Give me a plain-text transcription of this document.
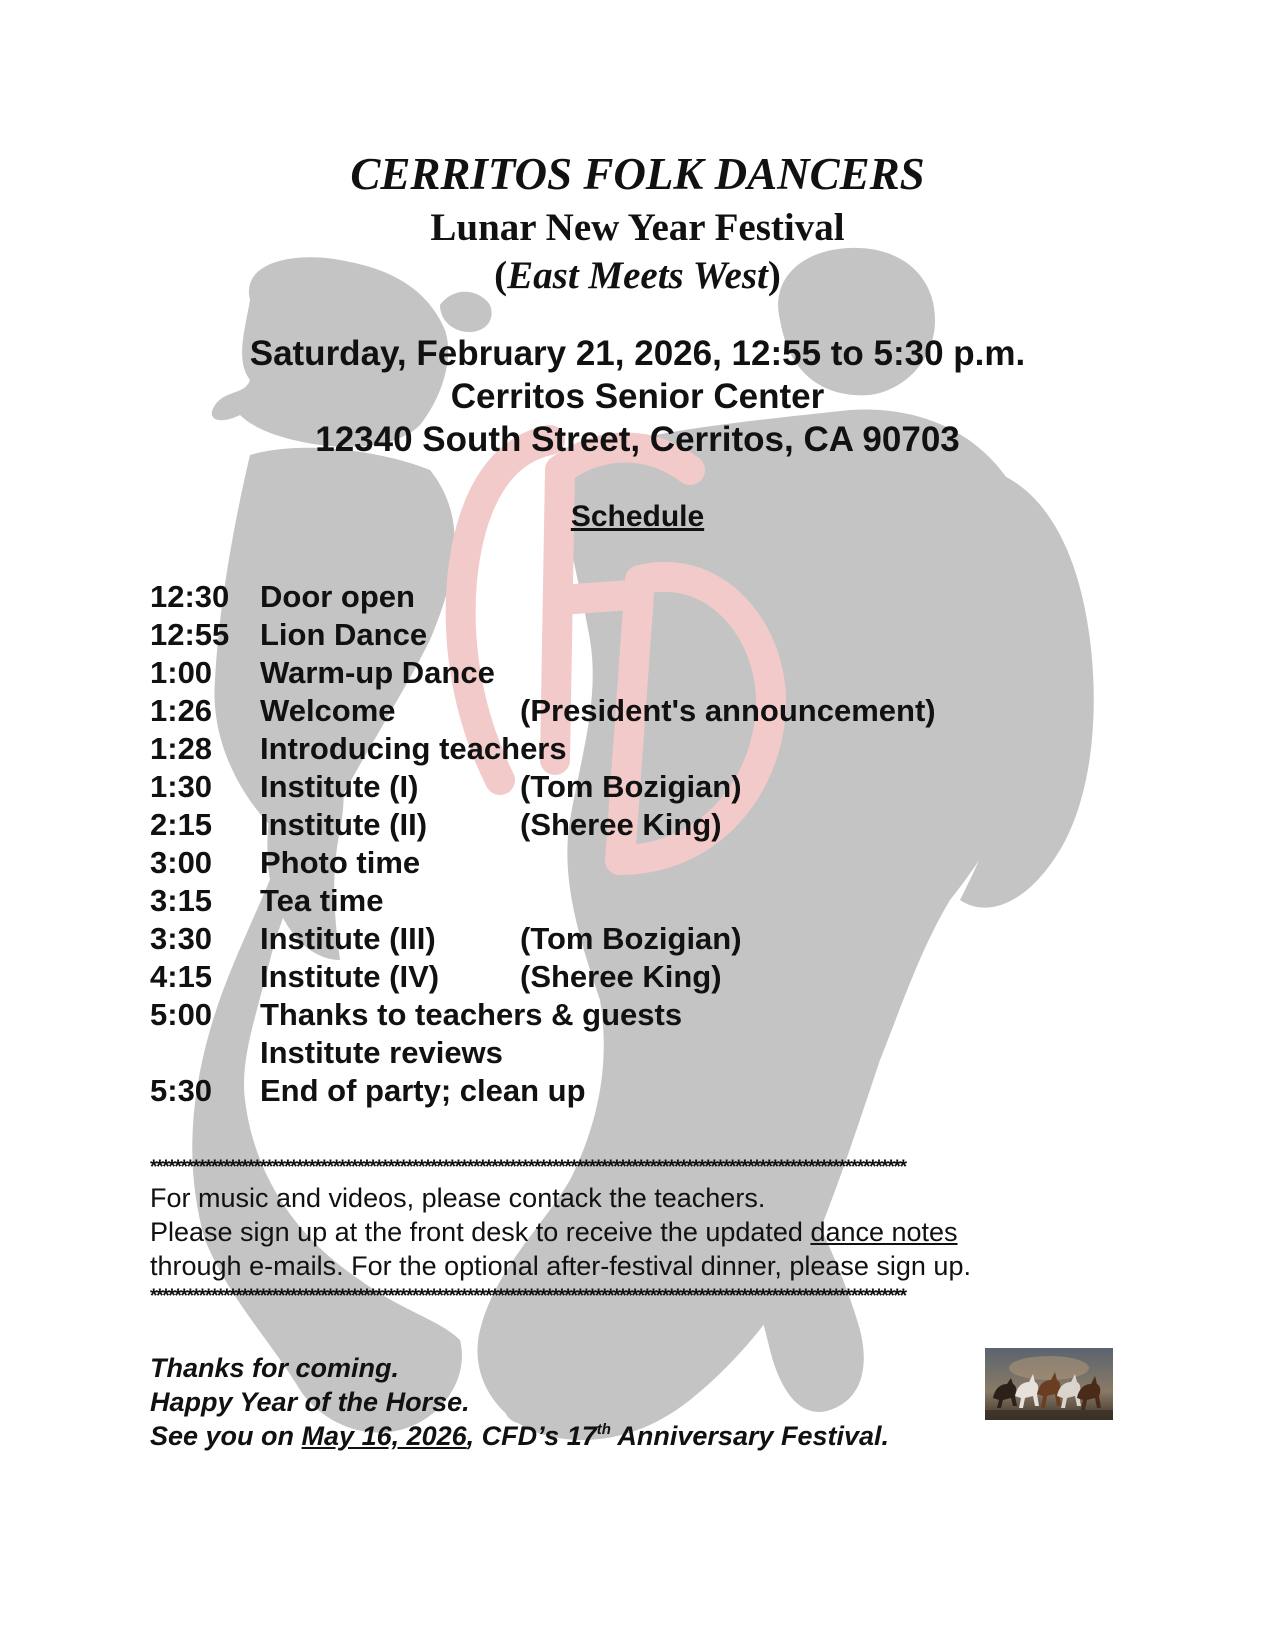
CERRITOS FOLK DANCERS
Lunar New Year Festival
(East Meets West)
Saturday, February 21, 2026, 12:55 to 5:30 p.m.
Cerritos Senior Center
12340 South Street, Cerritos, CA 90703
Schedule
12:30 Door open
12:55 Lion Dance
1:00 Warm-up Dance
1:26 Welcome	(President's announcement)
1:28 Introducing teachers
1:30 Institute (I)	(Tom Bozigian)
2:15 Institute (II)	(Sheree King)
3:00 Photo time
3:15 Tea time
3:30 Institute (III)	(Tom Bozigian)
4:15 Institute (IV)	(Sheree King)
5:00 Thanks to teachers & guests
Institute reviews
5:30 End of party; clean up
****************************************************************************************************************************
For music and videos, please contack the teachers.
Please sign up at the front desk to receive the updated dance notes
through e-mails. For the optional after-festival dinner, please sign up.
****************************************************************************************************************************
Thanks for coming.
Happy Year of the Horse.
See you on May 16, 2026, CFD’s 17th Anniversary Festival.
